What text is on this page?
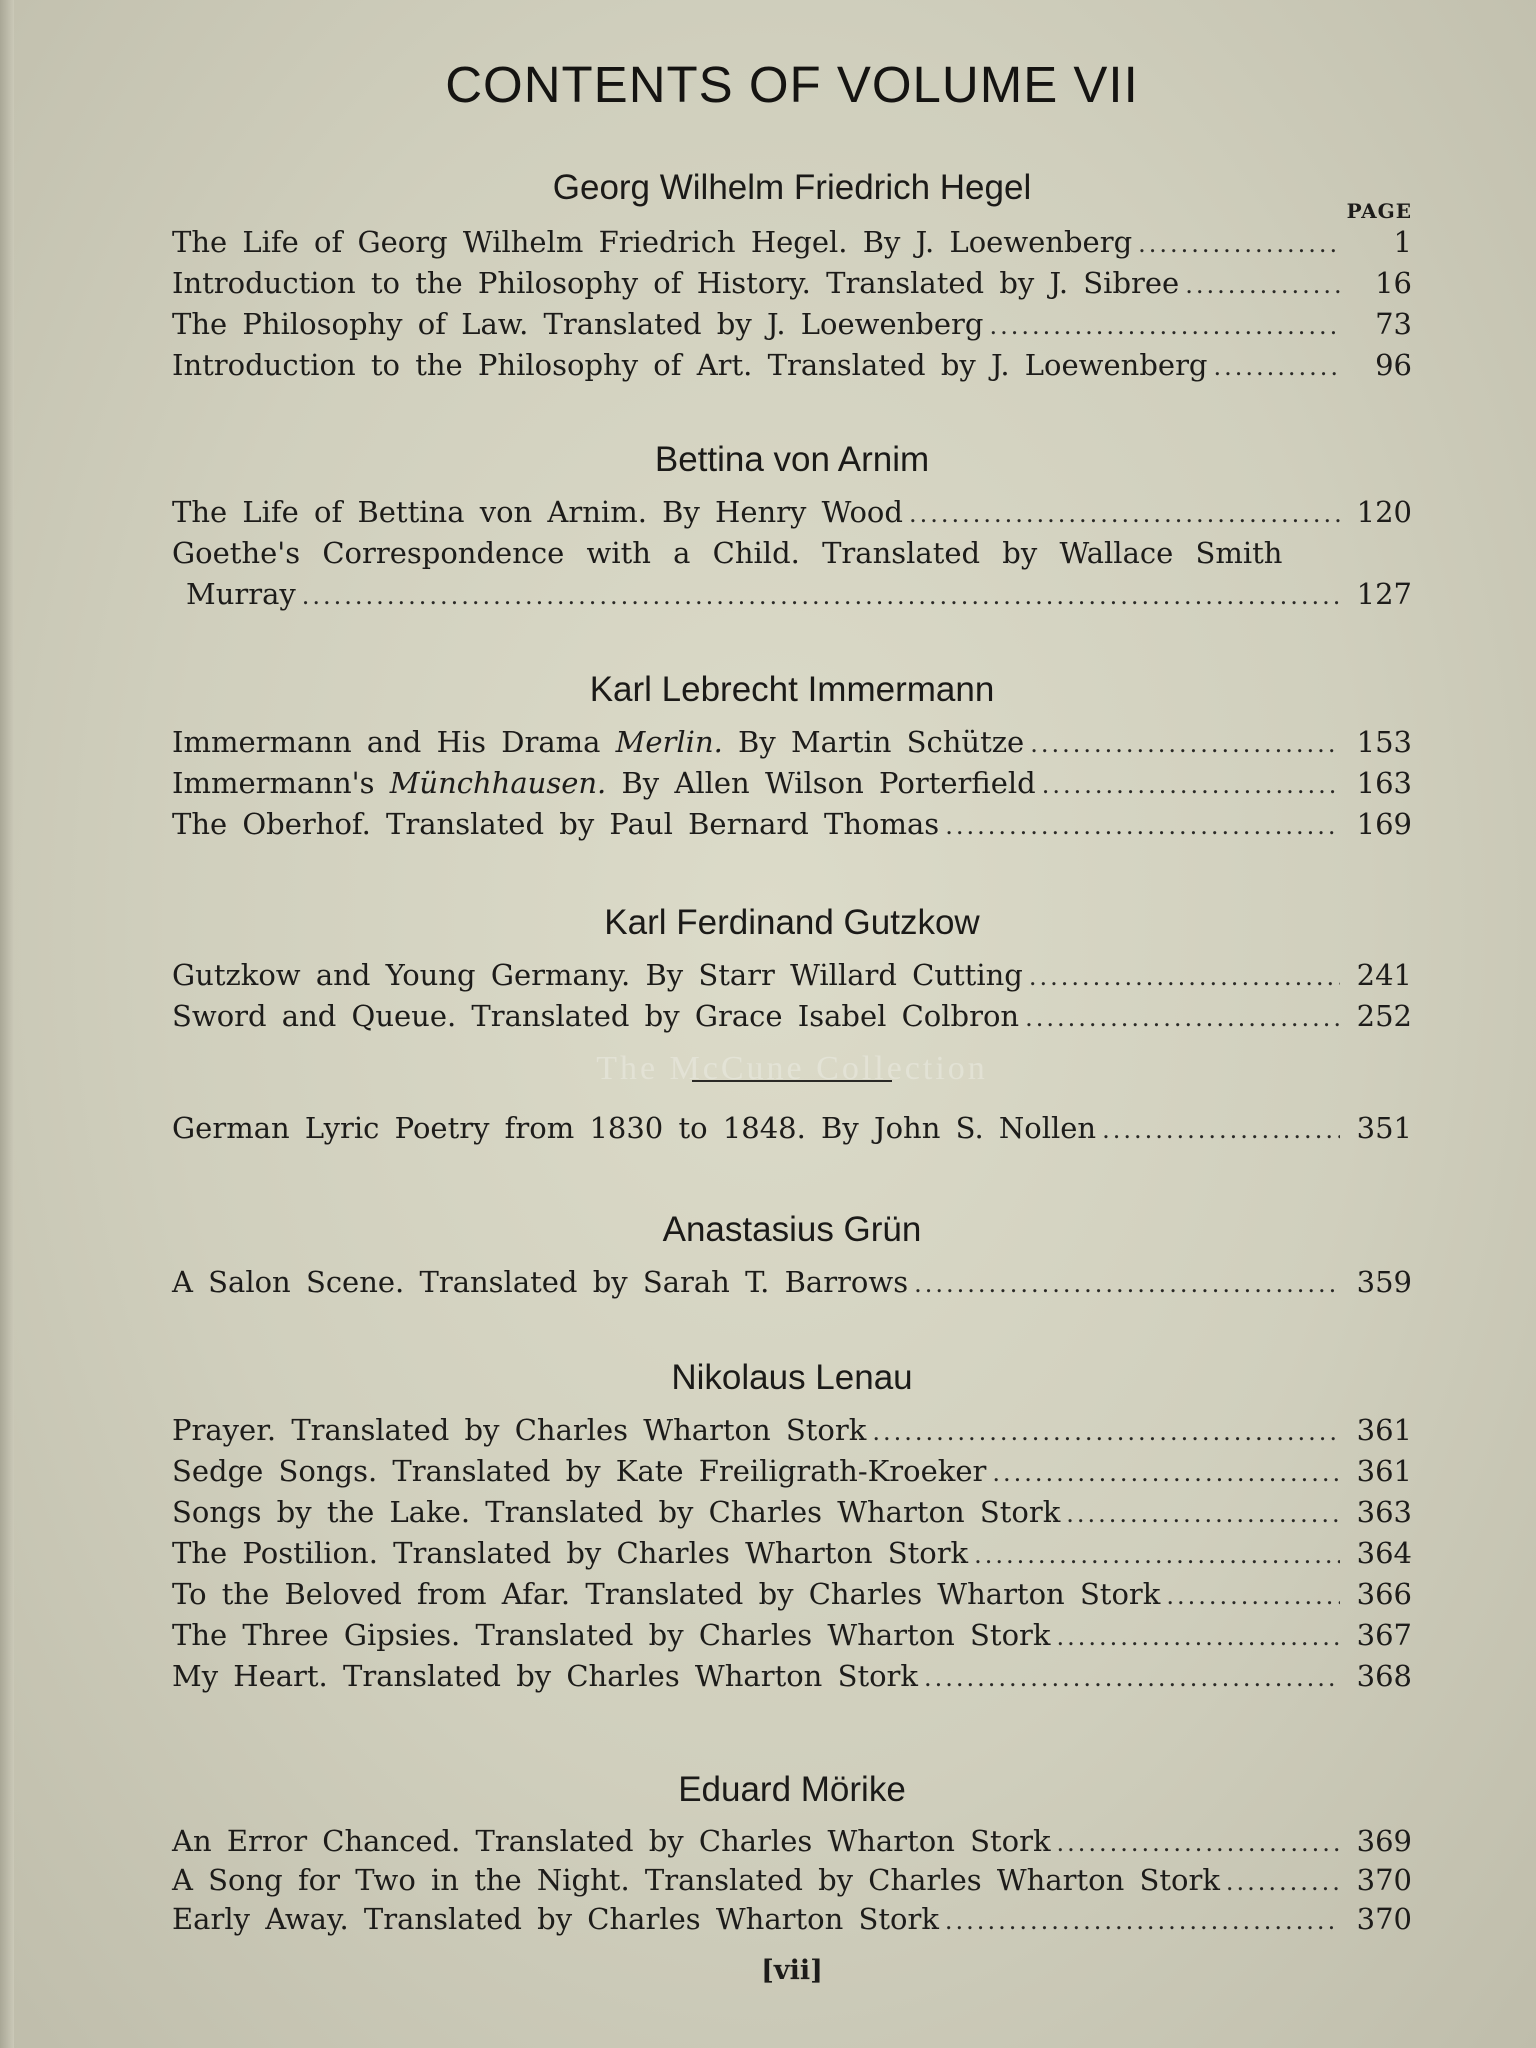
CONTENTS OF VOLUME VII
Georg Wilhelm Friedrich Hegel
PAGE
The Life of Georg Wilhelm Friedrich Hegel. By J. Loewenberg .....	1
Introduction to the Philosophy of History. Translated by J. Sibree .....	16
The Philosophy of Law. Translated by J. Loewenberg .....	73
Introduction to the Philosophy of Art. Translated by J. Loewenberg .....	96
Bettina von Arnim
The Life of Bettina von Arnim. By Henry Wood .....	120
Goethe's Correspondence with a Child. Translated by Wallace Smith
Murray .....	127
Karl Lebrecht Immermann
Immermann and His Drama Merlin. By Martin Schütze .....	153
Immermann's Münchhausen. By Allen Wilson Porterfield .....	163
The Oberhof. Translated by Paul Bernard Thomas .....	169
Karl Ferdinand Gutzkow
Gutzkow and Young Germany. By Starr Willard Cutting .....	241
Sword and Queue. Translated by Grace Isabel Colbron .....	252
The McCune Collection
German Lyric Poetry from 1830 to 1848. By John S. Nollen .....	351
Anastasius Grün
A Salon Scene. Translated by Sarah T. Barrows .....	359
Nikolaus Lenau
Prayer. Translated by Charles Wharton Stork .....	361
Sedge Songs. Translated by Kate Freiligrath-Kroeker .....	361
Songs by the Lake. Translated by Charles Wharton Stork .....	363
The Postilion. Translated by Charles Wharton Stork .....	364
To the Beloved from Afar. Translated by Charles Wharton Stork .....	366
The Three Gipsies. Translated by Charles Wharton Stork .....	367
My Heart. Translated by Charles Wharton Stork .....	368
Eduard Mörike
An Error Chanced. Translated by Charles Wharton Stork .....	369
A Song for Two in the Night. Translated by Charles Wharton Stork .....	370
Early Away. Translated by Charles Wharton Stork .....	370
[vii]
